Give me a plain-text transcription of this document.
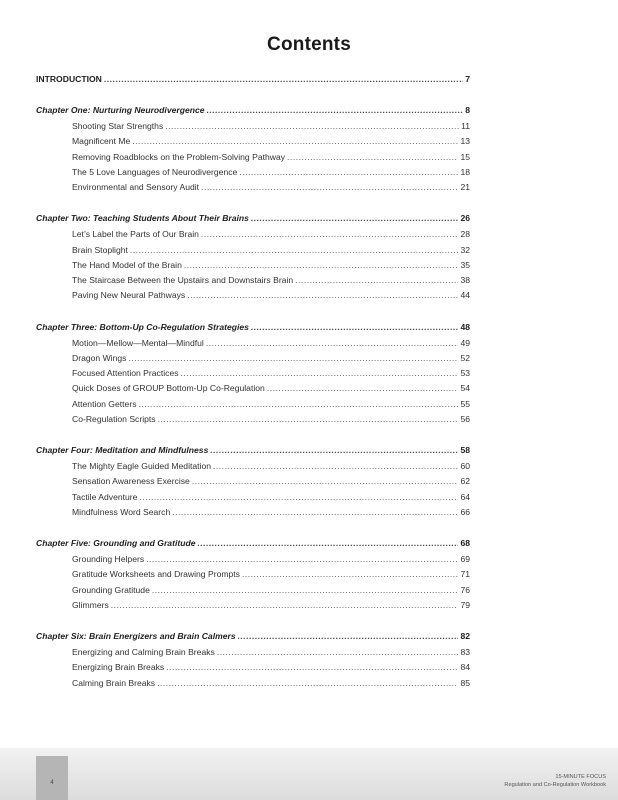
Contents
INTRODUCTION .....	7
Chapter One: Nurturing Neurodivergence .....	8
Shooting Star Strengths .....	11
Magnificent Me .....	13
Removing Roadblocks on the Problem-Solving Pathway .....	15
The 5 Love Languages of Neurodivergence .....	18
Environmental and Sensory Audit .....	21
Chapter Two: Teaching Students About Their Brains .....	26
Let’s Label the Parts of Our Brain .....	28
Brain Stoplight .....	32
The Hand Model of the Brain .....	35
The Staircase Between the Upstairs and Downstairs Brain .....	38
Paving New Neural Pathways .....	44
Chapter Three: Bottom-Up Co-Regulation Strategies .....	48
Motion—Mellow—Mental—Mindful .....	49
Dragon Wings .....	52
Focused Attention Practices .....	53
Quick Doses of GROUP Bottom-Up Co-Regulation .....	54
Attention Getters .....	55
Co-Regulation Scripts .....	56
Chapter Four: Meditation and Mindfulness .....	58
The Mighty Eagle Guided Meditation .....	60
Sensation Awareness Exercise .....	62
Tactile Adventure .....	64
Mindfulness Word Search .....	66
Chapter Five: Grounding and Gratitude .....	68
Grounding Helpers .....	69
Gratitude Worksheets and Drawing Prompts .....	71
Grounding Gratitude .....	76
Glimmers .....	79
Chapter Six: Brain Energizers and Brain Calmers .....	82
Energizing and Calming Brain Breaks .....	83
Energizing Brain Breaks .....	84
Calming Brain Breaks .....	85
4
15-MINUTE FOCUS
Regulation and Co-Regulation Workbook
